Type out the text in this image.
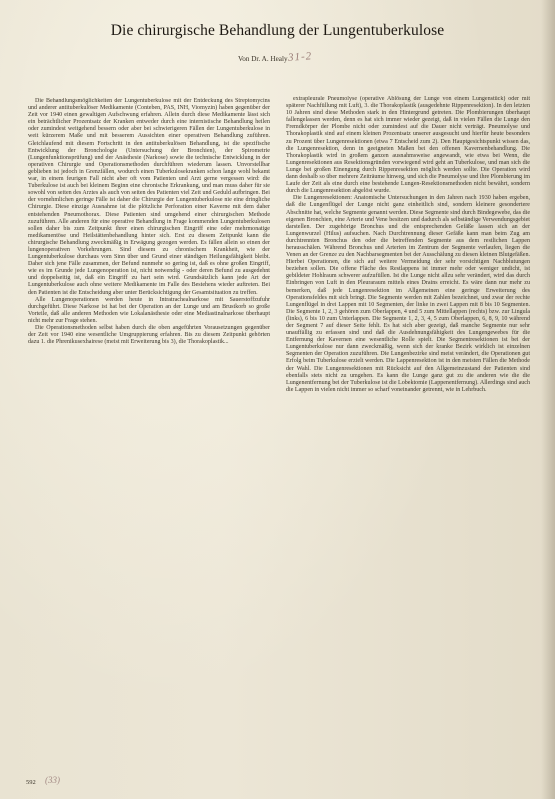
Die chirurgische Behandlung der Lungentuberkulose
Von Dr. A. Healy 31-2

Die Behandlungsmöglichkeiten der Lungentuberkulose mit der Entdeckung des Streptomycins und anderer antituberkulöser Medikamente (Conteben, PAS, INH, Viomyzin) haben gegenüber der Zeit vor 1940 einen gewaltigen Aufschwung erfahren. Allein durch diese Medikamente lässt sich ein beträchtlicher Prozentsatz der Kranken entweder durch eine internistische Behandlung heilen oder zumindest weitgehend bessern oder aber bei schwierigeren Fällen der Lungentuberkulose in weit kürzerem Maße und mit besserem Aussichten einer operativen Behandlung zuführen. Gleichlaufend mit diesem Fortschritt in den antituberkulösen Behandlung, ist die spezifische Entwicklung der Bronchologie (Untersuchung der Bronchien), der Spirometrie (Lungenfunktionsprüfung) und der Anästhesie (Narkose) sowie die technische Entwicklung in der operativen Chirurgie und Operationsmethoden durchführen wiederum lassen. Unvorstellbar geblieben ist jedoch in Grenzfällen, wodurch einen Tuberkulosekranken schon lange wohl bekamt war, in einem feurigen Fall nicht aber oft vom Patienten und Arzt gerne vergessen wird: die Tuberkulose ist auch bei kleinem Beginn eine chronische Erkrankung, und man muss daher für sie sowohl von seiten des Arztes als auch von seiten des Patienten viel Zeit und Geduld aufbringen. Bei der vornehmlichen geringe Fälle ist daher die Chirurgie der Lungentuberkulose nie eine dringliche Chirurgie. Diese einzige Ausnahme ist die plötzliche Perforation einer Kaverne mit dem daher entstehenden Pneumothorax. Diese Patienten sind umgehend einer chirurgischen Methode zuzuführen. Alle anderen für eine operative Behandlung in Frage kommenden Lungentuberkulosen sollen daher bis zum Zeitpunkt ihrer einen chirurgischen Eingriff eine oder mehrmonatige medikamentöse und Heilstättenbehandlung hinter sich. Erst zu diesem Zeitpunkt kann die chirurgische Behandlung zweckmäßig in Erwägung gezogen werden. Es fällen allein so einen der lungenoperativen Vorkehrungen. Sind diesem zu chronischem Krankheit, wie der Lungentuberkulose durchaus vom Sinn über und Grund einer ständigen Heilungsfähigkeit bleibt. Daher sich jene Fälle zusammen, der Befund nunmehr so gering ist, daß es ohne großen Eingriff, wie es im Grunde jede Lungenoperation ist, nicht notwendig - oder deren Befund zu ausgedehnt und doppelseitig ist, daß ein Eingriff zu hart sein wird. Grundsätzlich kann jede Art der Lungentuberkulose auch ohne weitere Medikamente im Falle des Bestehens wieder auftreten. Bei den Patienten ist die Entscheidung aber unter Berücksichtigung der Gesamtsituation zu treffen.

Alle Lungenoperationen werden heute in Intratrachealnarkose mit Sauerstoffzufuhr durchgeführt. Diese Narkose ist hat bei der Operation an der Lunge und am Brustkorb so große Vorteile, daß alle anderen Methoden wie Lokalanästhesie oder eine Mediastinalnarkose überhaupt nicht mehr zur Frage stehen.

Die Operationsmethoden selbst haben durch die oben angeführten Vorausetzungen gegenüber der Zeit vor 1940 eine wesentliche Umgruppierung erfahren. Bis zu diesem Zeitpunkt gehörten dazu 1. die Phrenikusexhairese (meist mit Erweiterung bis 3), die Thorakoplastik...

extrapleurale Pneumolyse (operative Ablösung der Lunge von einem Lungenstück) oder mit späterer Nachfüllung mit Luft), 3. die Thorakoplastik (ausgedehnte Rippenresektion). In den letzten 10 Jahren sind diese Methoden stark in den Hintergrund getreten. Die Plombierungen überhaupt fallengelassen werden, denn es hat sich immer wieder gezeigt, daß in vielen Fällen die Lunge den Fremdkörper der Plombe nicht oder zumindest auf die Dauer nicht verträgt. Pneumolyse und Thorakoplastik sind auf einem kleinen Prozentsatz unserer ausgesucht und hierfür heute besonders zu Prozent über Lungenresektionen (etwa 7 Entscheid zum 2). Den Hauptgesichtspunkt wissen das, die Lungenresektion, denn in geeigneten Maßen bei den offenen Kavernenbehandlung. Die Thorakoplastik wird in großem ganzen ausnahmsweise angewandt, wie etwa bei Wenn, die Lungenresektionen aus Resektionsgründen vorwiegend wird geht an Tuberkulose, und man sich die Lunge bei großen Einengung durch Rippenresektion möglich werden sollte. Die Operation wird dann deshalb so über mehrere Zeiträume hinweg, und sich die Pneumolyse und ihre Plombierung im Laufe der Zeit als eine durch eine bestehende Lungen-Resektionsmethoden nicht bewährt, sondern durch die Lungenresektion abgelöst wurde.

Die Lungenresektionen: Anatomische Untersuchungen in den Jahren nach 1930 haben ergeben, daß die Lungenflügel der Lunge nicht ganz einheitlich sind, sondern kleinere gesondertere Abschnitte hat, welche Segmente genannt werden. Diese Segmente sind durch Bindegewebe, das die eigenen Bronchien, eine Arterie und Vene besitzen und dadurch als selbständige Verwendungsgebiet darstellen. Der zugehörige Bronchus und die entsprechenden Gefäße lassen sich an der Lungenwurzel (Hilus) aufsuchen. Nach Durchtrennung dieser Gefäße kann man beim Zug am durchtrennten Bronchus den oder die betreffenden Segmente aus dem restlichen Lappen herausschälen. Während Bronchus und Arterien im Zentrum der Segmente verlaufen, liegen die Venen an der Grenze zu den Nachbarsegmenten bei der Ausschälung zu diesen kleinen Blutgefäßen. Hierbei Operationen, die sich auf weitere Vermeidung der sehr vorsichtigen Nachblutungen beziehen sollen. Die offene Fläche des Restlappens ist immer mehr oder weniger undicht, ist gebildeter Hohlraum schwerer aufzufüllen. Ist die Lunge nicht allzu sehr verändert, wird das durch Einbringen von Luft in den Pleuraraum mittels eines Drains erreicht. Es wäre dann nur mehr zu bemerken, daß jede Lungenresektion im Allgemeinen eine geringe Erweiterung des Operationsfeldes mit sich bringt. Die Segmente werden mit Zahlen bezeichnet, und zwar der rechte Lungenflügel in drei Lappen mit 10 Segmenten, der linke in zwei Lappen mit 8 bis 10 Segmenten. Die Segmente 1, 2, 3 gehören zum Oberlappen, 4 und 5 zum Mittellappen (rechts) bzw. zur Lingula (links), 6 bis 10 zum Unterlappen. Die Segmente 1, 2, 3, 4, 5 zum Oberlappen, 6, 8, 9, 10 während der Segment 7 auf dieser Seite fehlt. Es hat sich aber gezeigt, daß manche Segmente nur sehr unauffällig zu erfassen sind und daß die Ausdehnungsfähigkeit des Lungengewebes für die Entfernung der Kavernen eine wesentliche Rolle spielt. Die Segmentresektionen ist bei der Lungentuberkulose nur dann zweckmäßig, wenn sich der kranke Bezirk wirklich ist einzelnen Segmenten der Operation zuzuführen. Die Lungenbezirke sind meist verändert, die Operationen gut Erfolg beim Tuberkulose erzielt werden. Die Lappenresektion ist in den meisten Fällen die Methode der Wahl. Die Lungenresektionen mit Rücksicht auf den Allgemeinzustand der Patienten sind ebenfalls stets nicht zu umgehen. Es kann die Lunge ganz gut zu die anderen wie die die Lungenentfernung bei der Tuberkulose ist die Lobektomie (Lappenentfernung). Allerdings sind auch die Lappen in vielen nicht immer so scharf voneinander getrennt, wie in Lehrbuch.

592 (33)
